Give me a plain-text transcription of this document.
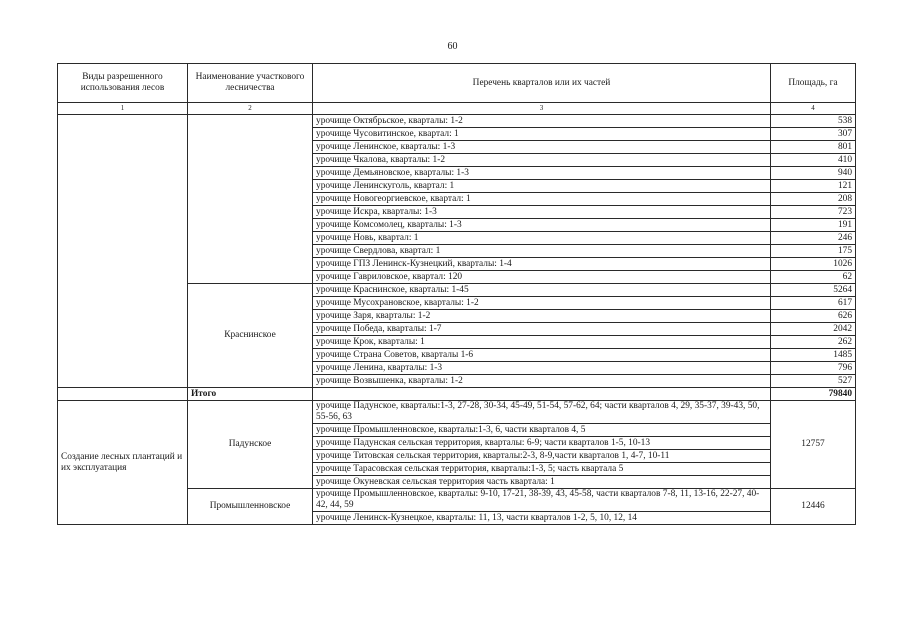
60
Виды разрешенного использования лесов	Наименование участкового лесничества	Перечень кварталов или их частей	Площадь, га
1	2	3	4
		урочище Октябрьское, кварталы: 1-2	538
		урочище Чусовитинское, квартал: 1	307
		урочище Ленинское, кварталы: 1-3	801
		урочище Чкалова, кварталы: 1-2	410
		урочище Демьяновское, кварталы: 1-3	940
		урочище Ленинскуголь, квартал: 1	121
		урочище Новогеоргиевское, квартал: 1	208
		урочище Искра, кварталы: 1-3	723
		урочище Комсомолец, кварталы: 1-3	191
		урочище Новь, квартал: 1	246
		урочище Свердлова, квартал: 1	175
		урочище ГПЗ Ленинск-Кузнецкий, кварталы: 1-4	1026
		урочище Гавриловское, квартал: 120	62
	Краснинское	урочище Краснинское, кварталы: 1-45	5264
		урочище Мусохрановское, кварталы: 1-2	617
		урочище Заря, кварталы: 1-2	626
		урочище Победа, кварталы: 1-7	2042
		урочище Крок, кварталы: 1	262
		урочище Страна Советов, кварталы 1-6	1485
		урочище Ленина, кварталы: 1-3	796
		урочище Возвышенка, кварталы: 1-2	527
	Итого		79840
Создание лесных плантаций и их эксплуатация	Падунское	урочище Падунское, кварталы:1-3, 27-28, 30-34, 45-49, 51-54, 57-62, 64; части кварталов 4, 29, 35-37, 39-43, 50, 55-56, 63	12757
		урочище Промышленновское, кварталы:1-3, 6, части кварталов 4, 5	
		урочище Падунская сельская территория, кварталы: 6-9; части кварталов 1-5, 10-13	
		урочище Титовская сельская территория, кварталы:2-3, 8-9,части кварталов 1, 4-7, 10-11	
		урочище Тарасовская сельская территория, кварталы:1-3, 5; часть квартала 5	
		урочище Окуневская сельская территория часть квартала: 1	
	Промышленновское	урочище Промышленновское, кварталы: 9-10, 17-21, 38-39, 43, 45-58, части кварталов 7-8, 11, 13-16, 22-27, 40-42, 44, 59	12446
		урочище Ленинск-Кузнецкое, кварталы: 11, 13, части кварталов 1-2, 5, 10, 12, 14	
